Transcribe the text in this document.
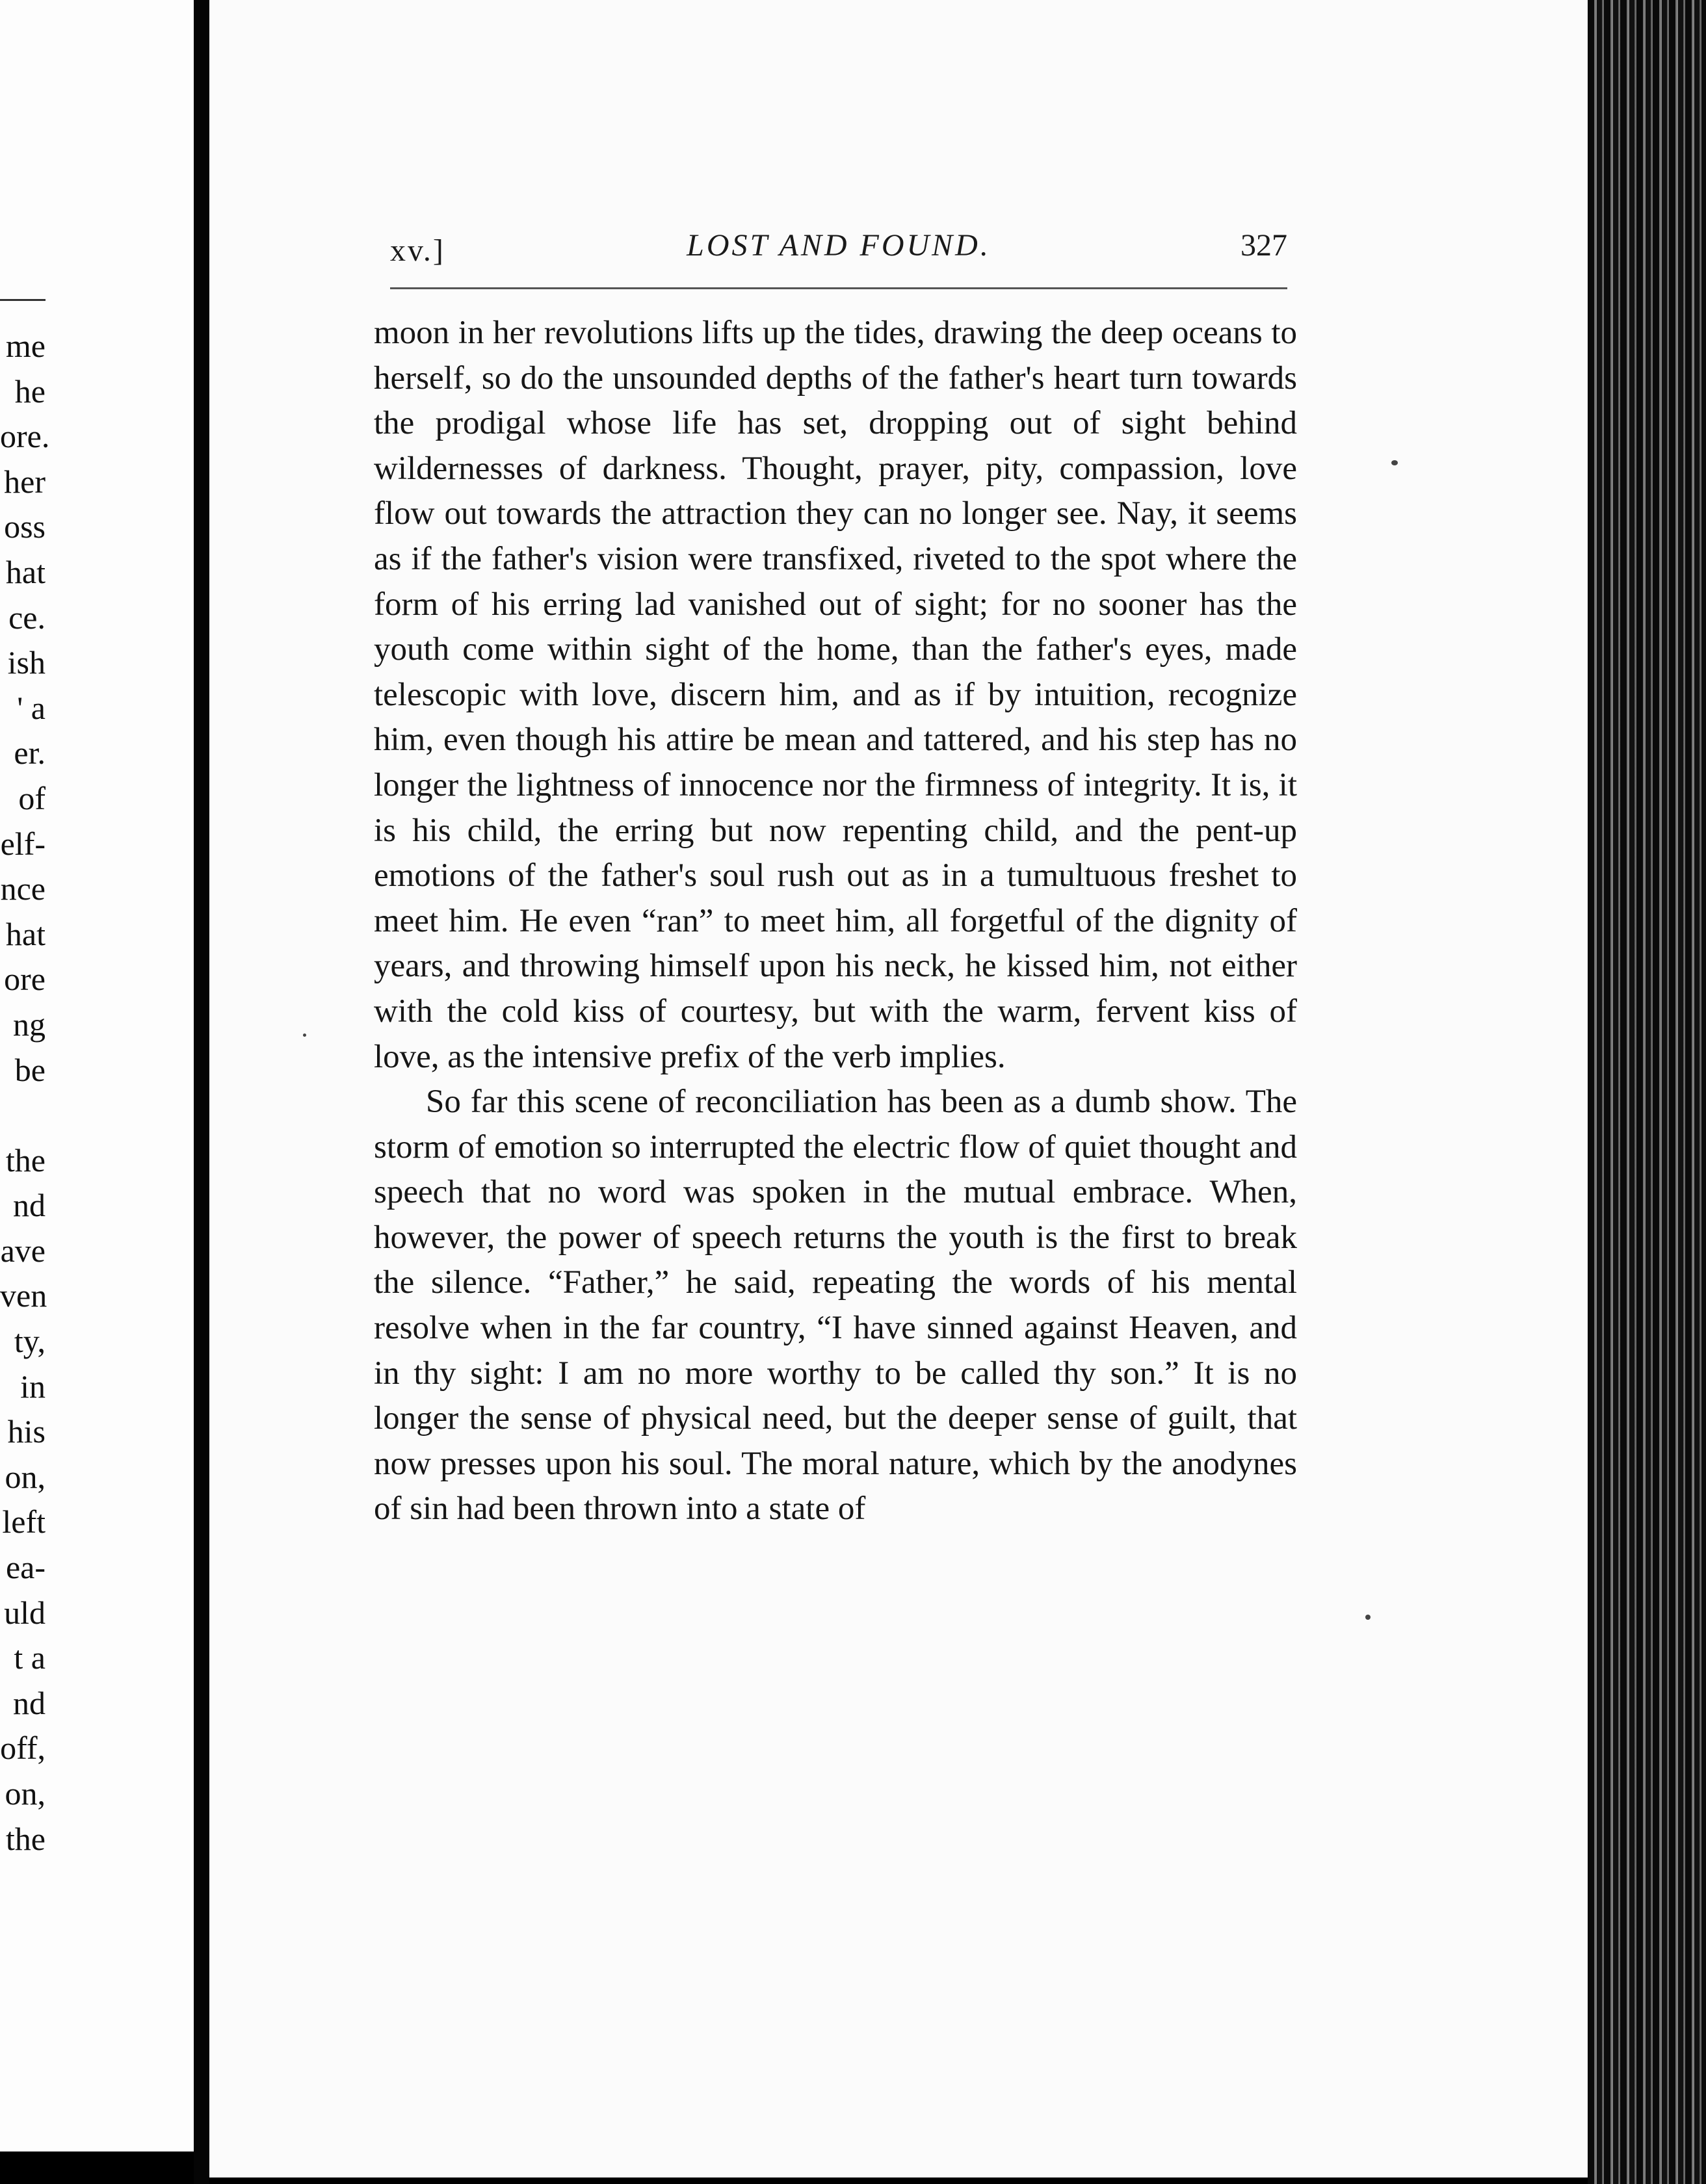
me
he
ore.
her
oss
hat
ce.
ish
' a
er.
of
elf-
nce
hat
ore
ng
be
the
nd
ave
ven
ty,
in
his
on,
left
ea-
uld
t a
nd
off,
on,
the
xv.]	LOST AND FOUND.	327

moon in her revolutions lifts up the tides, drawing the deep oceans to herself, so do the unsounded depths of the father's heart turn towards the prodigal whose life has set, dropping out of sight behind wildernesses of darkness. Thought, prayer, pity, compassion, love flow out towards the attraction they can no longer see. Nay, it seems as if the father's vision were transfixed, riveted to the spot where the form of his erring lad vanished out of sight; for no sooner has the youth come within sight of the home, than the father's eyes, made telescopic with love, discern him, and as if by intuition, recognize him, even though his attire be mean and tattered, and his step has no longer the lightness of innocence nor the firmness of integrity. It is, it is his child, the erring but now repenting child, and the pent-up emotions of the father's soul rush out as in a tumultuous freshet to meet him. He even “ran” to meet him, all forgetful of the dignity of years, and throwing himself upon his neck, he kissed him, not either with the cold kiss of courtesy, but with the warm, fervent kiss of love, as the intensive prefix of the verb implies.

So far this scene of reconciliation has been as a dumb show. The storm of emotion so interrupted the electric flow of quiet thought and speech that no word was spoken in the mutual embrace. When, however, the power of speech returns the youth is the first to break the silence. “Father,” he said, repeating the words of his mental resolve when in the far country, “I have sinned against Heaven, and in thy sight: I am no more worthy to be called thy son.” It is no longer the sense of physical need, but the deeper sense of guilt, that now presses upon his soul. The moral nature, which by the anodynes of sin had been thrown into a state of
